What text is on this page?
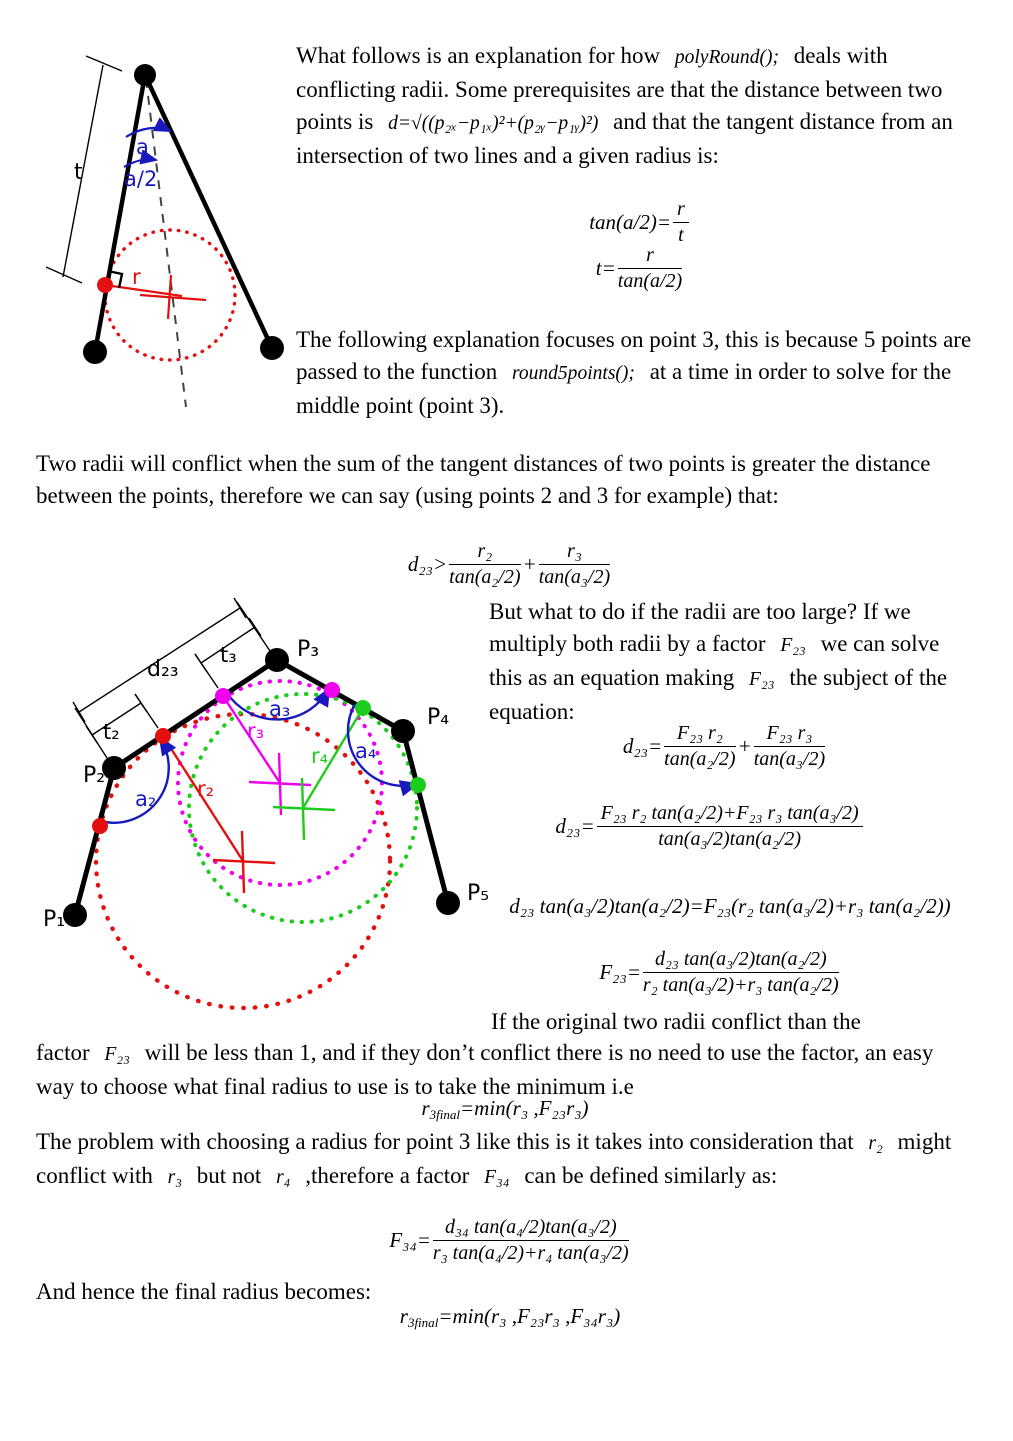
t
a
a/2
r
What follows is an explanation for how polyRound(); deals with conflicting radii. Some prerequisites are that the distance between two points is d=√((p₂ₓ−p₁ₓ)²+(p₂ᵧ−p₁ᵧ)²) and that the tangent distance from an intersection of two lines and a given radius is:
$\tan(a/2)= \frac{r}{t}$
$t= \frac{r}{\tan(a/2)}$
The following explanation focuses on point 3, this is because 5 points are passed to the function round5points(); at a time in order to solve for the middle point (point 3).
Two radii will conflict when the sum of the tangent distances of two points is greater the distance between the points, therefore we can say (using points 2 and 3 for example) that:
$d_{23}> \frac{\text{r₂}}{\text{tan(a₂/2)}} + \frac{\text{r₃}}{\text{tan(a₃/2)}}$
P₁
P₂
P₃
P₄
P₅
d₂₃
t₂
t₃
a₂
a₃
a₄
r₂
r₃
r₄
But what to do if the radii are too large? If we multiply both radii by a factor F₂₃ we can solve this as an equation making F₂₃ the subject of the equation:
$d_{23}= \frac{\text{F₂₃ r₂}}{\text{tan(a₂/2)}} + \frac{\text{F₂₃ r₃}}{\text{tan(a₃/2)}}$
$d_{23}= \frac{\text{F₂₃ r₂ tan(a₂/2)+F₂₃ r₃ tan(a₃/2)}}{\text{tan(a₃/2)tan(a₂/2)}}$
d₂₃ tan(a₃/2)tan(a₂/2)=F₂₃(r₂ tan(a₃/2)+r₃ tan(a₂/2))
$F_{23}= \frac{\text{d₂₃ tan(a₃/2)tan(a₂/2)}}{\text{r₂ tan(a₃/2)+r₃ tan(a₂/2)}}$
If the original two radii conflict than the
factor F₂₃ will be less than 1, and if they don’t conflict there is no need to use the factor, an easy way to choose what final radius to use is to take the minimum i.e
$r_{3final}=\min(r_3$ ,F₂₃r₃)
The problem with choosing a radius for point 3 like this is it takes into consideration that r₂ might conflict with r₃ but not r₄ ,therefore a factor F₃₄ can be defined similarly as:
$F_{34}= \frac{\text{d₃₄ tan(a₄/2)tan(a₃/2)}}{\text{r₃ tan(a₄/2)+r₄ tan(a₃/2)}}$
And hence the final radius becomes:
$r_{3final}=\min(r_3$ ,F₂₃r₃ ,F₃₄r₃)
